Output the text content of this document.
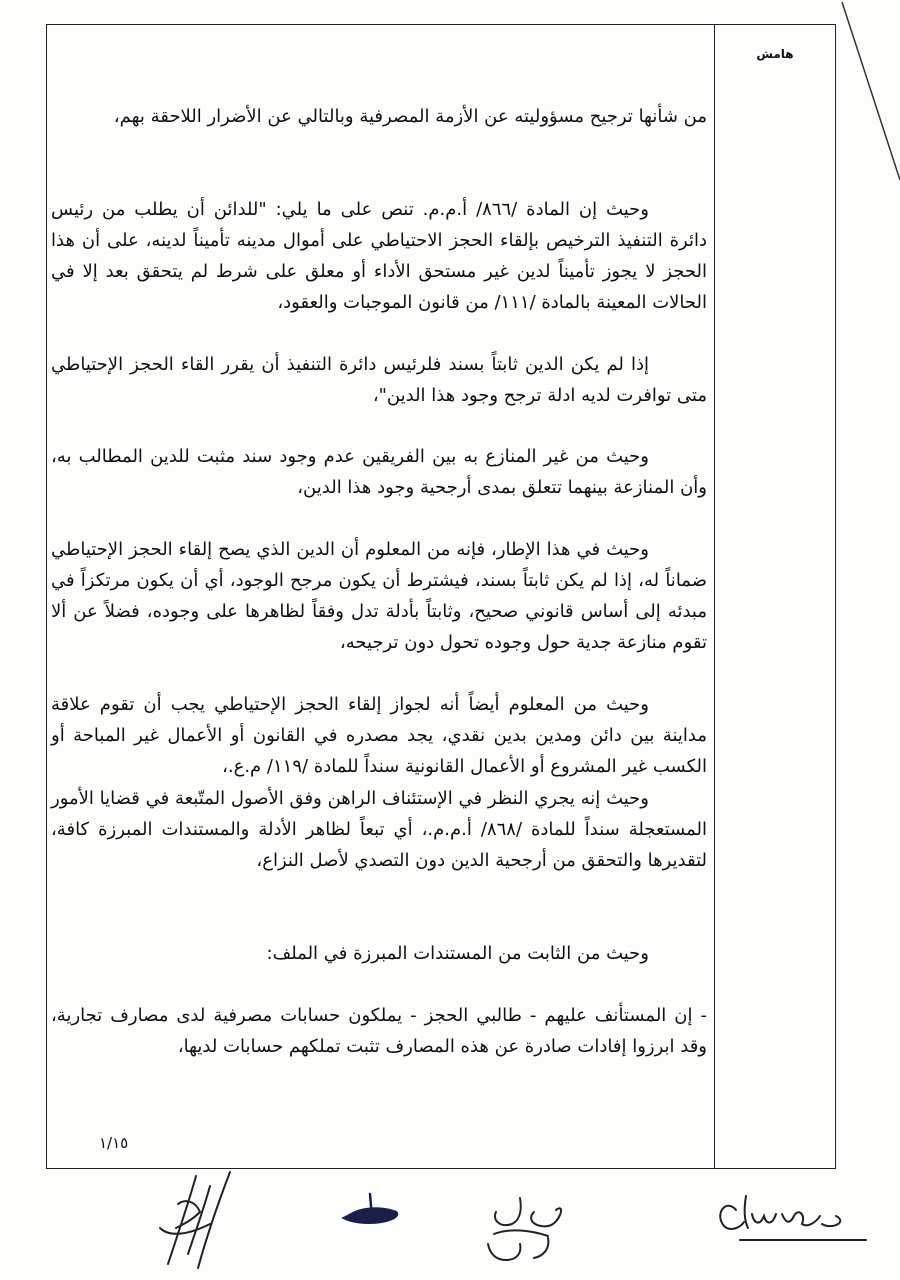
من شأنها ترجيح مسؤوليته عن الأزمة المصرفية وبالتالي عن الأضرار اللاحقة بهم،

وحيث إن المادة /٨٦٦/ أ.م.م. تنص على ما يلي: "للدائن أن يطلب من رئيس دائرة التنفيذ الترخيص بإلقاء الحجز الاحتياطي على أموال مدينه تأميناً لدينه، على أن هذا الحجز لا يجوز تأميناً لدين غير مستحق الأداء أو معلق على شرط لم يتحقق بعد إلا في الحالات المعينة بالمادة /١١١/ من قانون الموجبات والعقود،

إذا لم يكن الدين ثابتاً بسند فلرئيس دائرة التنفيذ أن يقرر القاء الحجز الإحتياطي متى توافرت لديه ادلة ترجح وجود هذا الدين"،

وحيث من غير المنازع به بين الفريقين عدم وجود سند مثبت للدين المطالب به، وأن المنازعة بينهما تتعلق بمدى أرجحية وجود هذا الدين،

وحيث في هذا الإطار، فإنه من المعلوم أن الدين الذي يصح إلقاء الحجز الإحتياطي ضماناً له، إذا لم يكن ثابتاً بسند، فيشترط أن يكون مرجح الوجود، أي أن يكون مرتكزاً في مبدئه إلى أساس قانوني صحيح، وثابتاً بأدلة تدل وفقاً لظاهرها على وجوده، فضلاً عن ألا تقوم منازعة جدية حول وجوده تحول دون ترجيحه،

وحيث من المعلوم أيضاً أنه لجواز إلقاء الحجز الإحتياطي يجب أن تقوم علاقة مداينة بين دائن ومدين بدين نقدي، يجد مصدره في القانون أو الأعمال غير المباحة أو الكسب غير المشروع أو الأعمال القانونية سنداً للمادة /١١٩/ م.ع.،

وحيث إنه يجري النظر في الإستئناف الراهن وفق الأصول المتّبعة في قضايا الأمور المستعجلة سنداً للمادة /٨٦٨/ أ.م.م.، أي تبعاً لظاهر الأدلة والمستندات المبرزة كافة، لتقديرها والتحقق من أرجحية الدين دون التصدي لأصل النزاع،

وحيث من الثابت من المستندات المبرزة في الملف:

- إن المستأنف عليهم - طالبي الحجز - يملكون حسابات مصرفية لدى مصارف تجارية، وقد ابرزوا إفادات صادرة عن هذه المصارف تثبت تملكهم حسابات لديها،

١/١٥
هامش
